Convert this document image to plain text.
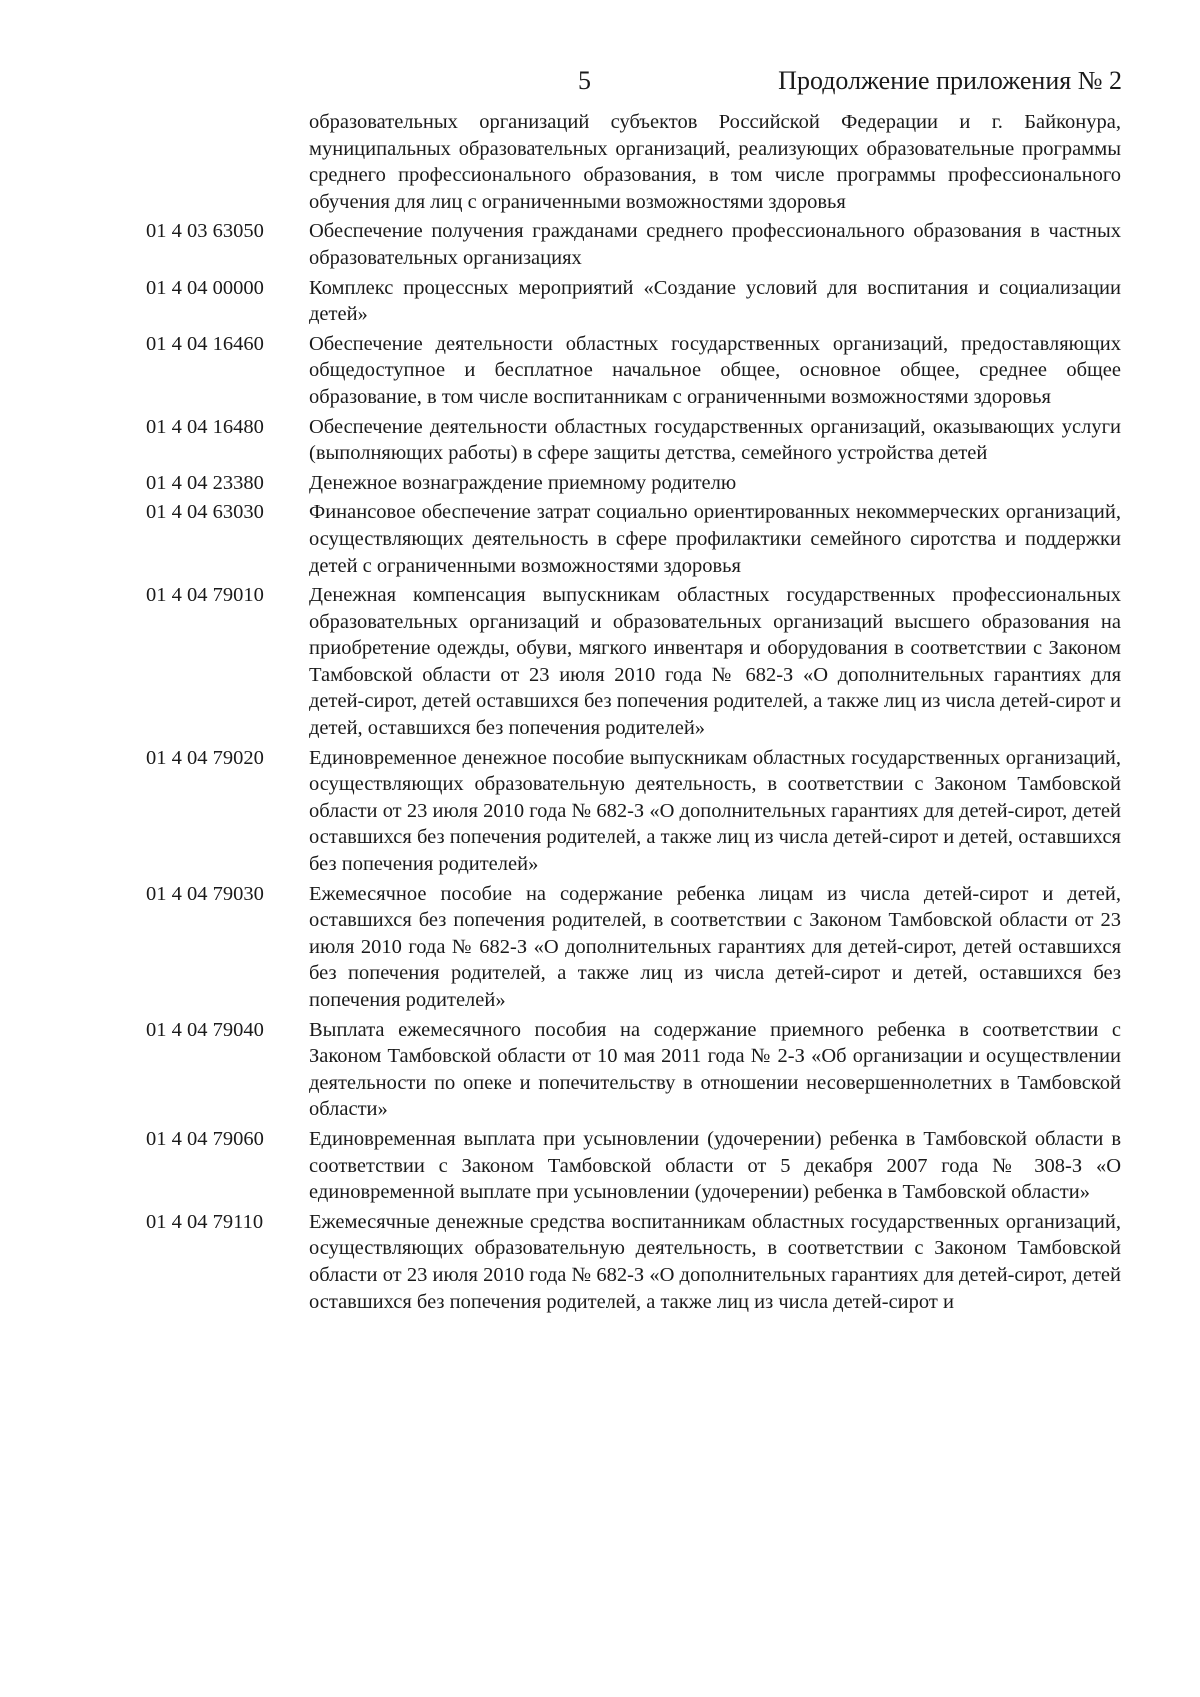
5	Продолжение приложения № 2
образовательных организаций субъектов Российской Федерации и г. Байконура, муниципальных образовательных организаций, реализующих образовательные программы среднего профессионального образования, в том числе программы профессионального обучения для лиц с ограниченными возможностями здоровья
01 4 03 63050	Обеспечение получения гражданами среднего профессионального образования в частных образовательных организациях
01 4 04 00000	Комплекс процессных мероприятий «Создание условий для воспитания и социализации детей»
01 4 04 16460	Обеспечение деятельности областных государственных организаций, предоставляющих общедоступное и бесплатное начальное общее, основное общее, среднее общее образование, в том числе воспитанникам с ограниченными возможностями здоровья
01 4 04 16480	Обеспечение деятельности областных государственных организаций, оказывающих услуги (выполняющих работы) в сфере защиты детства, семейного устройства детей
01 4 04 23380	Денежное вознаграждение приемному родителю
01 4 04 63030	Финансовое обеспечение затрат социально ориентированных некоммерческих организаций, осуществляющих деятельность в сфере профилактики семейного сиротства и поддержки детей с ограниченными возможностями здоровья
01 4 04 79010	Денежная компенсация выпускникам областных государственных профессиональных образовательных организаций и образовательных организаций высшего образования на приобретение одежды, обуви, мягкого инвентаря и оборудования в соответствии с Законом Тамбовской области от 23 июля 2010 года № 682-З «О дополнительных гарантиях для детей-сирот, детей оставшихся без попечения родителей, а также лиц из числа детей-сирот и детей, оставшихся без попечения родителей»
01 4 04 79020	Единовременное денежное пособие выпускникам областных государственных организаций, осуществляющих образовательную деятельность, в соответствии с Законом Тамбовской области от 23 июля 2010 года № 682-З «О дополнительных гарантиях для детей-сирот, детей оставшихся без попечения родителей, а также лиц из числа детей-сирот и детей, оставшихся без попечения родителей»
01 4 04 79030	Ежемесячное пособие на содержание ребенка лицам из числа детей-сирот и детей, оставшихся без попечения родителей, в соответствии с Законом Тамбовской области от 23 июля 2010 года № 682-З «О дополнительных гарантиях для детей-сирот, детей оставшихся без попечения родителей, а также лиц из числа детей-сирот и детей, оставшихся без попечения родителей»
01 4 04 79040	Выплата ежемесячного пособия на содержание приемного ребенка в соответствии с Законом Тамбовской области от 10 мая 2011 года № 2-З «Об организации и осуществлении деятельности по опеке и попечительству в отношении несовершеннолетних в Тамбовской области»
01 4 04 79060	Единовременная выплата при усыновлении (удочерении) ребенка в Тамбовской области в соответствии с Законом Тамбовской области от 5 декабря 2007 года № 308-З «О единовременной выплате при усыновлении (удочерении) ребенка в Тамбовской области»
01 4 04 79110	Ежемесячные денежные средства воспитанникам областных государственных организаций, осуществляющих образовательную деятельность, в соответствии с Законом Тамбовской области от 23 июля 2010 года № 682-З «О дополнительных гарантиях для детей-сирот, детей оставшихся без попечения родителей, а также лиц из числа детей-сирот и
